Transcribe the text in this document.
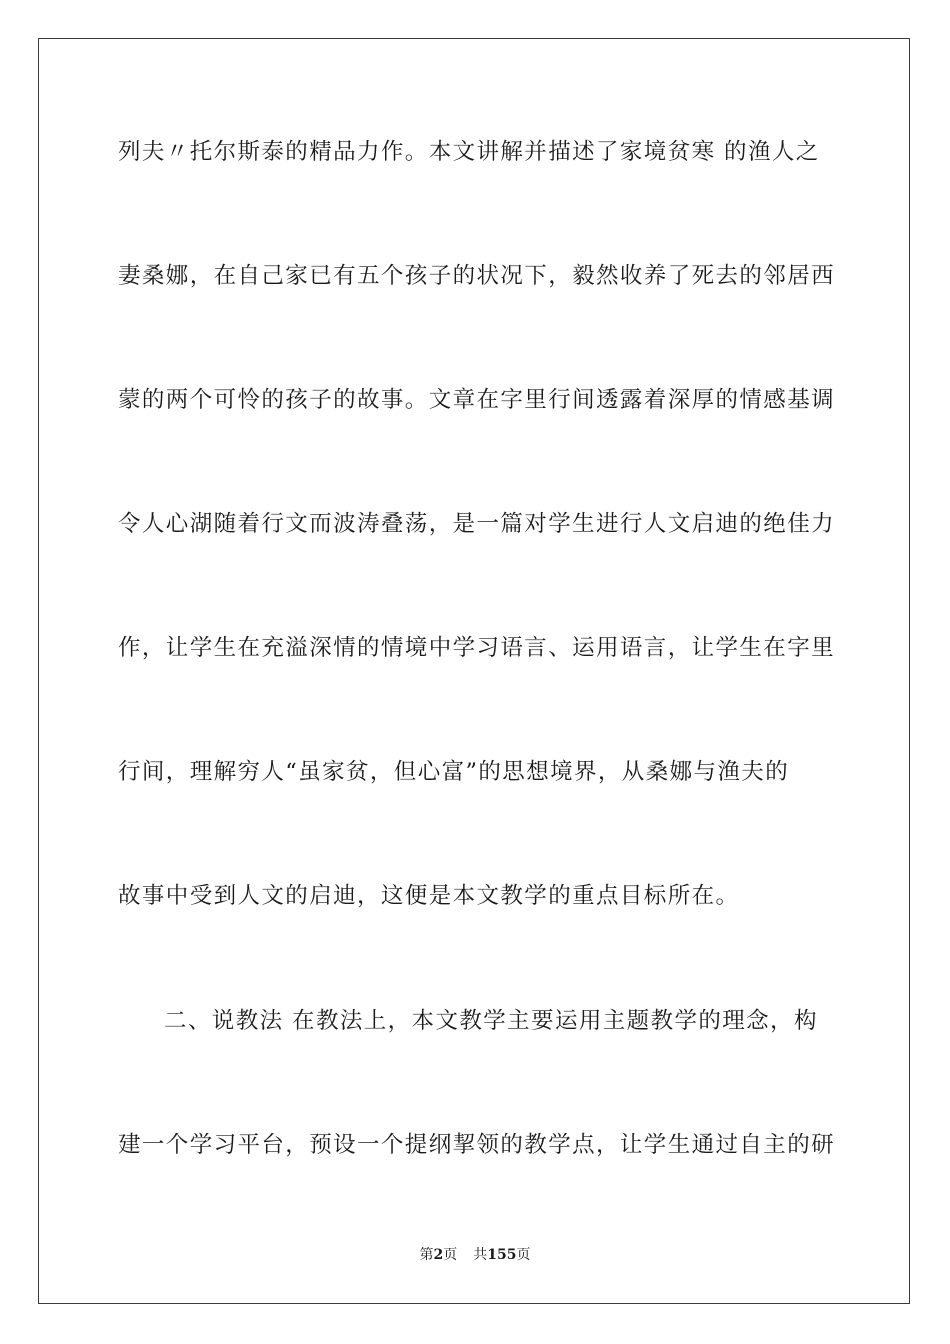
列夫〃托尔斯泰的精品力作。本文讲解并描述了家境贫寒 的渔人之
妻桑娜，在自己家已有五个孩子的状况下，毅然收养了死去的邻居西
蒙的两个可怜的孩子的故事。文章在字里行间透露着深厚的情感基调
令人心湖随着行文而波涛叠荡，是一篇对学生进行人文启迪的绝佳力
作，让学生在充溢深情的情境中学习语言、运用语言，让学生在字里
行间，理解穷人“虽家贫，但心富”的思想境界，从桑娜与渔夫的
故事中受到人文的启迪，这便是本文教学的重点目标所在。
二、说教法 在教法上，本文教学主要运用主题教学的理念，构
建一个学习平台，预设一个提纲挈领的教学点，让学生通过自主的研
第2页 共155页
